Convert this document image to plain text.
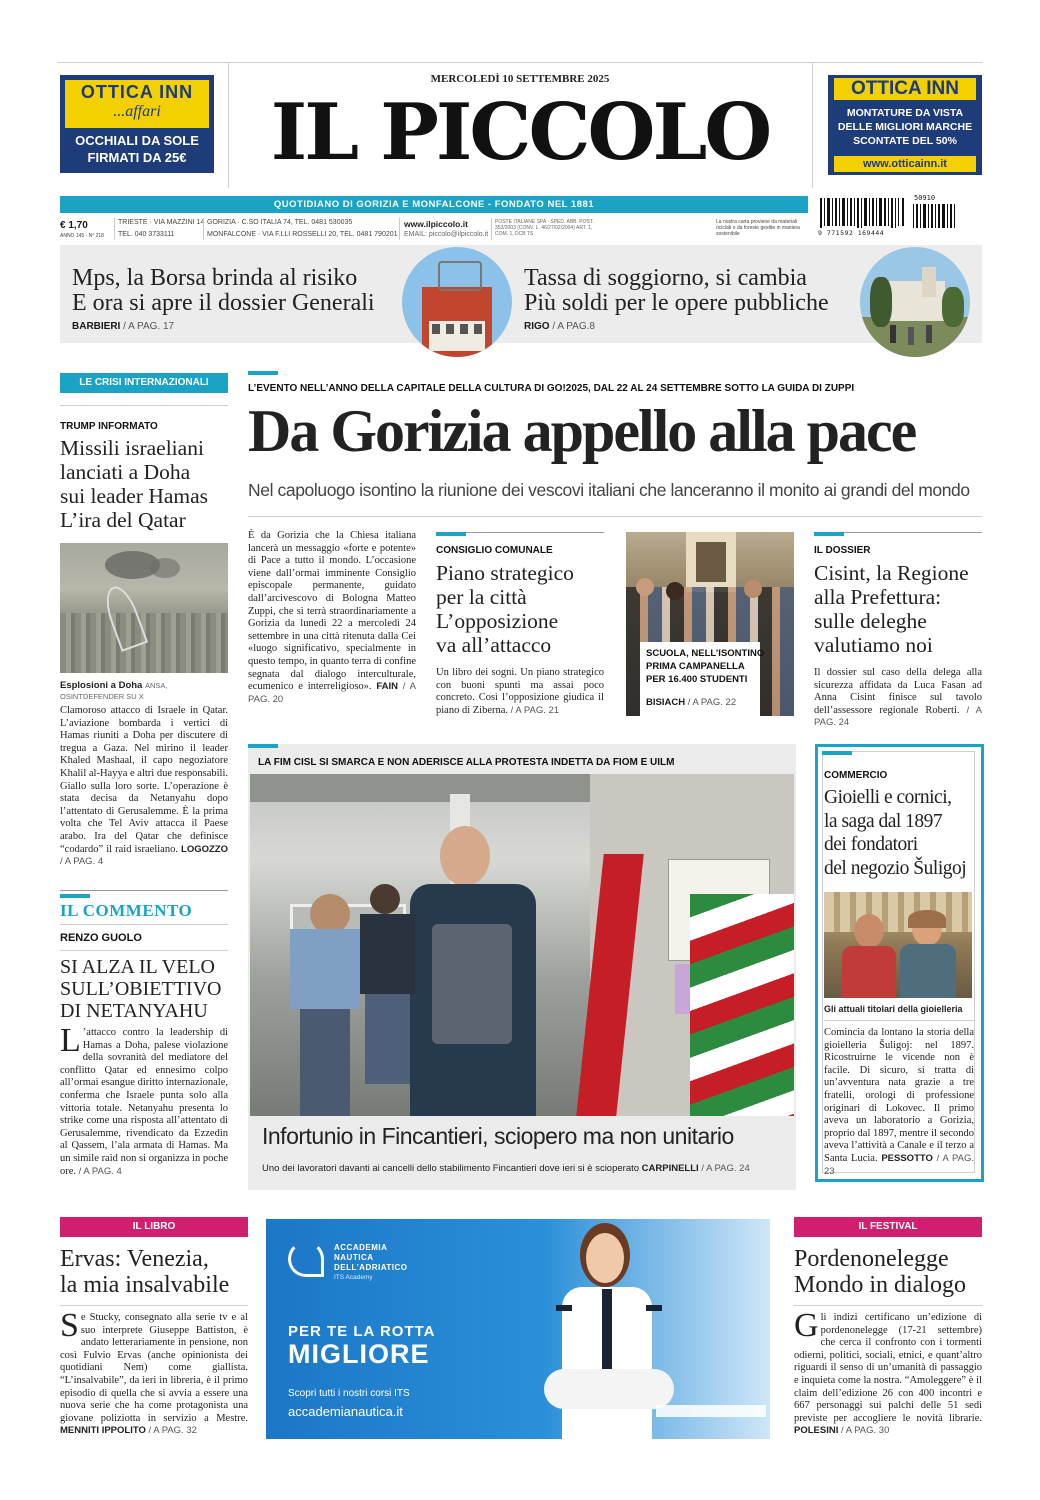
OTTICA INN
...affari
OCCHIALI DA SOLE FIRMATI DA 25€
MERCOLEDÌ 10 SETTEMBRE 2025
IL PICCOLO	OTTICA INN
MONTATURE DA VISTA DELLE MIGLIORI MARCHE SCONTATE DEL 50%
www.otticainn.it
QUOTIDIANO DI GORIZIA E MONFALCONE - FONDATO NEL 1881
€ 1,70
ANNO 145 · N° 218
TRIESTE · VIA MAZZINI 14
TEL. 040 3733111
GORIZIA · C.SO ITALIA 74, TEL. 0481 530035
MONFALCONE · VIA F.LLI ROSSELLI 20, TEL. 0481 790201
www.ilpiccolo.it
EMAIL: piccolo@ilpiccolo.it
POSTE ITALIANE SPA · SPED. ABB. POST. 353/2003 (CONV. L. 46/27/02/2004) ART. 1, COM. 1, DCB TS
La nostra carta proviene da materiali riciclati o da foreste gestite in maniera sostenibile
50910
9 771592 169444
Mps, la Borsa brinda al risiko
E ora si apre il dossier Generali
BARBIERI / A PAG. 17
Tassa di soggiorno, si cambia
Più soldi per le opere pubbliche
RIGO / A PAG.8
LE CRISI INTERNAZIONALI
TRUMP INFORMATO
Missili israeliani
lanciati a Doha
sui leader Hamas
L’ira del Qatar
Esplosioni a Doha ANSA, OSINTDEFENDER SU X
Clamoroso attacco di Israele in Qatar. L’aviazione bombarda i vertici di Hamas riuniti a Doha per discutere di tregua a Gaza. Nel mirino il leader Khaled Mashaal, il capo negoziatore Khalil al-Hayya e altri due responsabili. Giallo sulla loro sorte. L’operazione è stata decisa da Netanyahu dopo l’attentato di Gerusalemme. È la prima volta che Tel Aviv attacca il Paese arabo. Ira del Qatar che definisce “codardo” il raid israeliano. LOGOZZO / A PAG. 4
IL COMMENTO
RENZO GUOLO
SI ALZA IL VELO
SULL’OBIETTIVO
DI NETANYAHU
L ’attacco contro la leadership di Hamas a Doha, palese violazione della sovranità del mediatore del conflitto Qatar ed ennesimo colpo all’ormai esangue diritto internazionale, conferma che Israele punta solo alla vittoria totale. Netanyahu presenta lo strike come una risposta all’attentato di Gerusalemme, rivendicato da Ezzedin al Qassem, l’ala armata di Hamas. Ma un simile raid non si organizza in poche ore. / A PAG. 4
L’EVENTO NELL’ANNO DELLA CAPITALE DELLA CULTURA DI GO!2025, DAL 22 AL 24 SETTEMBRE SOTTO LA GUIDA DI ZUPPI
Da Gorizia appello alla pace
Nel capoluogo isontino la riunione dei vescovi italiani che lanceranno il monito ai grandi del mondo
È da Gorizia che la Chiesa italiana lancerà un messaggio «forte e potente» di Pace a tutto il mondo. L’occasione viene dall’ormai imminente Consiglio episcopale permanente, guidato dall’arcivescovo di Bologna Matteo Zuppi, che si terrà straordinariamente a Gorizia da lunedì 22 a mercoledì 24 settembre in una città ritenuta dalla Cei «luogo significativo, specialmente in questo tempo, in quanto terra di confine segnata dal dialogo interculturale, ecumenico e interreligioso». FAIN / A PAG. 20
CONSIGLIO COMUNALE
Piano strategico
per la città
L’opposizione
va all’attacco
Un libro dei sogni. Un piano strategico con buoni spunti ma assai poco concreto. Così l’opposizione giudica il piano di Ziberna. / A PAG. 21
SCUOLA, NELL’ISONTINO
PRIMA CAMPANELLA
PER 16.400 STUDENTI
BISIACH / A PAG. 22
IL DOSSIER
Cisint, la Regione
alla Prefettura:
sulle deleghe
valutiamo noi
Il dossier sul caso della delega alla sicurezza affidata da Luca Fasan ad Anna Cisint finisce sul tavolo dell’assessore regionale Roberti. / A PAG. 24
LA FIM CISL SI SMARCA E NON ADERISCE ALLA PROTESTA INDETTA DA FIOM E UILM
Infortunio in Fincantieri, sciopero ma non unitario
Uno dei lavoratori davanti ai cancelli dello stabilimento Fincantieri dove ieri si è scioperato CARPINELLI / A PAG. 24
COMMERCIO
Gioielli e cornici,
la saga dal 1897
dei fondatori
del negozio Šuligoj
Gli attuali titolari della gioielleria
Comincia da lontano la storia della gioielleria Šuligoj: nel 1897. Ricostruirne le vicende non è facile. Di sicuro, si tratta di un’avventura nata grazie a tre fratelli, orologi di professione originari di Lokovec. Il primo aveva un laboratorio a Gorizia, proprio dal 1897, mentre il secondo aveva l’attività a Canale e il terzo a Santa Lucia. PESSOTTO / A PAG. 23
IL LIBRO
Ervas: Venezia,
la mia insalvabile
S e Stucky, consegnato alla serie tv e al suo interprete Giuseppe Battiston, è andato letterariamente in pensione, non così Fulvio Ervas (anche opinionista dei quotidiani Nem) come giallista. “L’insalvabile”, da ieri in libreria, è il primo episodio di quella che si avvia a essere una nuova serie che ha come protagonista una giovane poliziotta in servizio a Mestre. MENNITI IPPOLITO / A PAG. 32
ACCADEMIA
NAUTICA
DELL’ADRIATICO
ITS Academy
PER TE LA ROTTA
MIGLIORE
Scopri tutti i nostri corsi ITS
accademianautica.it
IL FESTIVAL
Pordenonelegge
Mondo in dialogo
G li indizi certificano un’edizione di pordenonelegge (17-21 settembre) che cerca il confronto con i tormenti odierni, politici, sociali, etnici, e quant’altro riguardi il senso di un’umanità di passaggio e inquieta come la nostra. “Amoleggere” è il claim dell’edizione 26 con 400 incontri e 667 personaggi sui palchi delle 51 sedi previste per accogliere le novità librarie. POLESINI / A PAG. 30
